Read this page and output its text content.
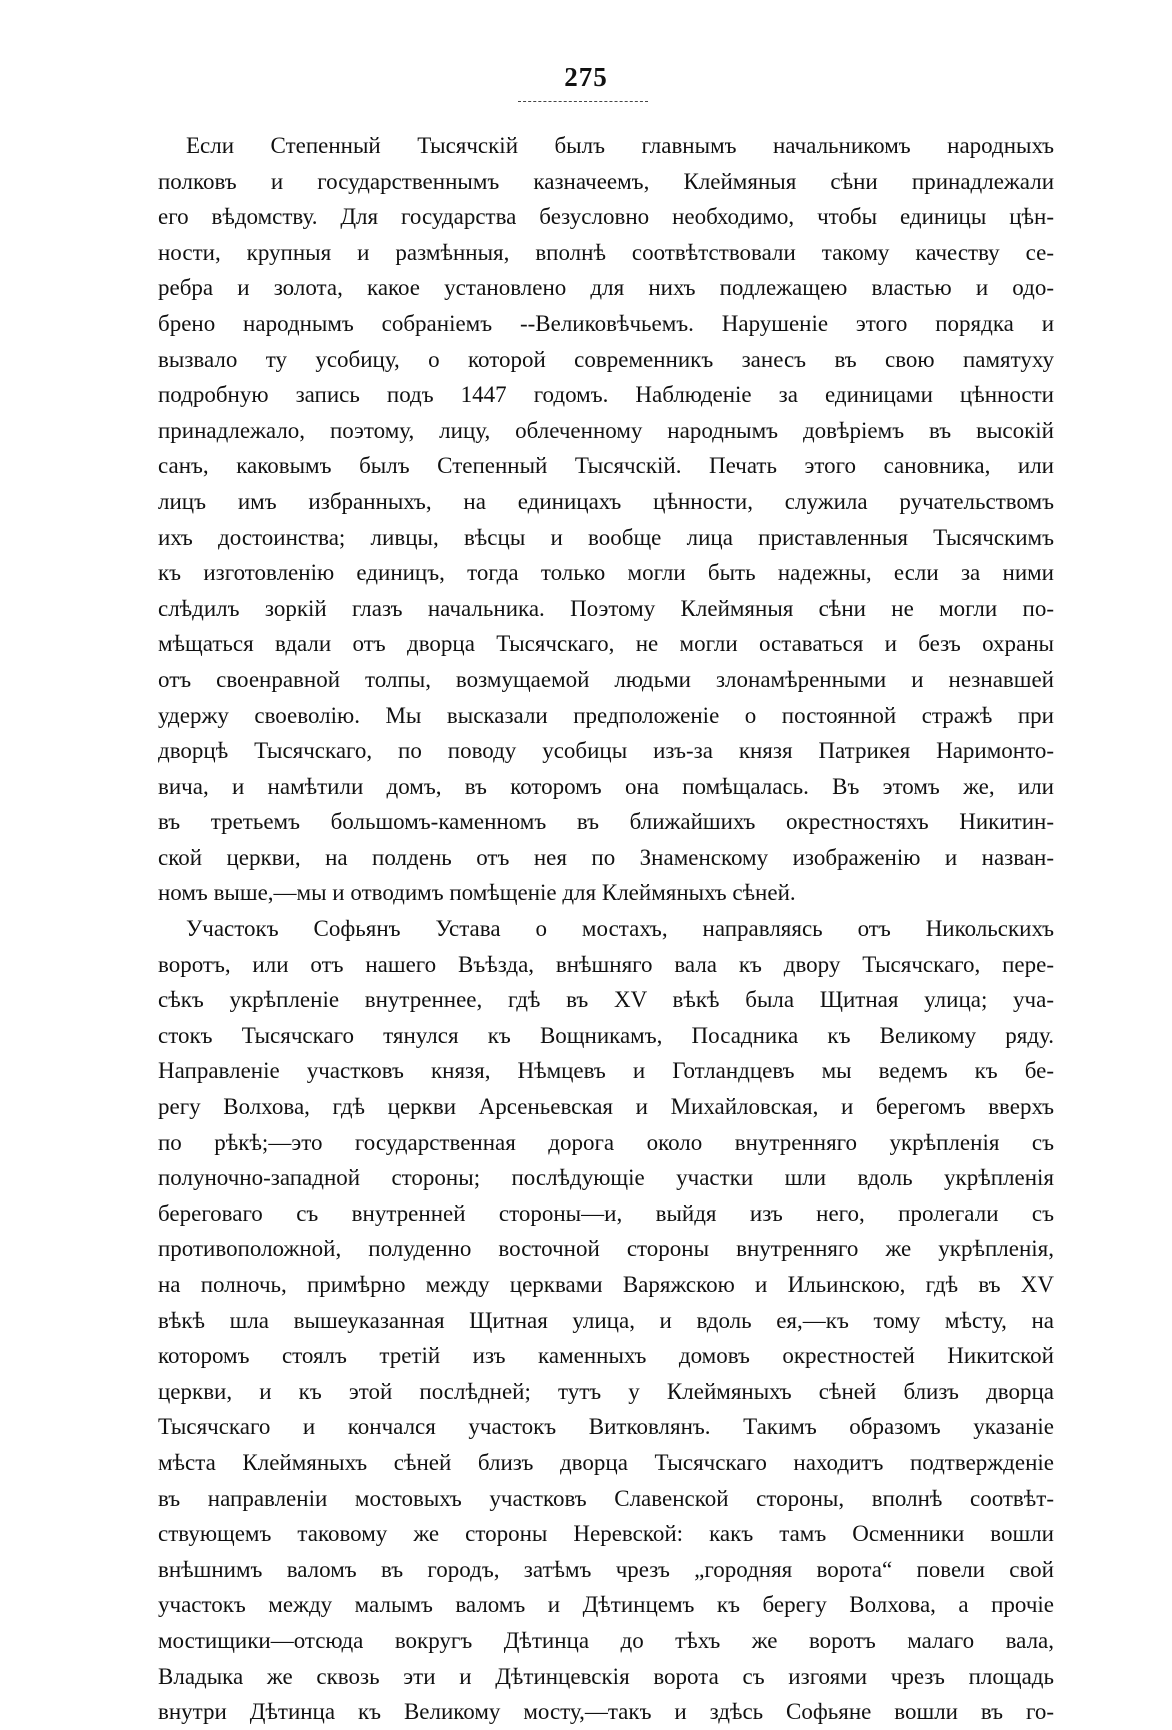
275
Если Степенный Тысячскій былъ главнымъ начальникомъ народныхъ
полковъ и государственнымъ казначеемъ, Клеймяныя сѣни принадлежали
его вѣдомству. Для государства безусловно необходимо, чтобы единицы цѣн-
ности, крупныя и размѣнныя, вполнѣ соотвѣтствовали такому качеству се-
ребра и золота, какое установлено для нихъ подлежащею властью и одо-
брено народнымъ собраніемъ --Великовѣчьемъ. Нарушеніе этого порядка и
вызвало ту усобицу, о которой современникъ занесъ въ свою памятуху
подробную запись подъ 1447 годомъ. Наблюденіе за единицами цѣнности
принадлежало, поэтому, лицу, облеченному народнымъ довѣріемъ въ высокій
санъ, каковымъ былъ Степенный Тысячскій. Печать этого сановника, или
лицъ имъ избранныхъ, на единицахъ цѣнности, служила ручательствомъ
ихъ достоинства; ливцы, вѣсцы и вообще лица приставленныя Тысячскимъ
къ изготовленію единицъ, тогда только могли быть надежны, если за ними
слѣдилъ зоркій глазъ начальника. Поэтому Клеймяныя сѣни не могли по-
мѣщаться вдали отъ дворца Тысячскаго, не могли оставаться и безъ охраны
отъ своенравной толпы, возмущаемой людьми злонамѣренными и незнавшей
удержу своеволію. Мы высказали предположеніе о постоянной стражѣ при
дворцѣ Тысячскаго, по поводу усобицы изъ-за князя Патрикея Наримонто-
вича, и намѣтили домъ, въ которомъ она помѣщалась. Въ этомъ же, или
въ третьемъ большомъ-каменномъ въ ближайшихъ окрестностяхъ Никитин-
ской церкви, на полдень отъ нея по Знаменскому изображенію и назван-
номъ выше,—мы и отводимъ помѣщеніе для Клеймяныхъ сѣней.
Участокъ Софьянъ Устава о мостахъ, направляясь отъ Никольскихъ
воротъ, или отъ нашего Въѣзда, внѣшняго вала къ двору Тысячскаго, пере-
сѣкъ укрѣпленіе внутреннее, гдѣ въ XV вѣкѣ была Щитная улица; уча-
стокъ Тысячскаго тянулся къ Вощникамъ, Посадника къ Великому ряду.
Направленіе участковъ князя, Нѣмцевъ и Готландцевъ мы ведемъ къ бе-
регу Волхова, гдѣ церкви Арсеньевская и Михайловская, и берегомъ вверхъ
по рѣкѣ;—это государственная дорога около внутренняго укрѣпленія съ
полуночно-западной стороны; послѣдующіе участки шли вдоль укрѣпленія
береговаго съ внутренней стороны—и, выйдя изъ него, пролегали съ
противоположной, полуденно восточной стороны внутренняго же укрѣпленія,
на полночь, примѣрно между церквами Варяжскою и Ильинскою, гдѣ въ XV
вѣкѣ шла вышеуказанная Щитная улица, и вдоль ея,—къ тому мѣсту, на
которомъ стоялъ третій изъ каменныхъ домовъ окрестностей Никитской
церкви, и къ этой послѣдней; тутъ у Клеймяныхъ сѣней близъ дворца
Тысячскаго и кончался участокъ Витковлянъ. Такимъ образомъ указаніе
мѣста Клеймяныхъ сѣней близъ дворца Тысячскаго находитъ подтвержденіе
въ направленіи мостовыхъ участковъ Славенской стороны, вполнѣ соотвѣт-
ствующемъ таковому же стороны Неревской: какъ тамъ Осменники вошли
внѣшнимъ валомъ въ городъ, затѣмъ чрезъ „городняя ворота“ повели свой
участокъ между малымъ валомъ и Дѣтинцемъ къ берегу Волхова, а прочіе
мостищики—отсюда вокругъ Дѣтинца до тѣхъ же воротъ малаго вала,
Владыка же сквозь эти и Дѣтинцевскія ворота съ изгоями чрезъ площадь
внутри Дѣтинца къ Великому мосту,—такъ и здѣсь Софьяне вошли въ го-
